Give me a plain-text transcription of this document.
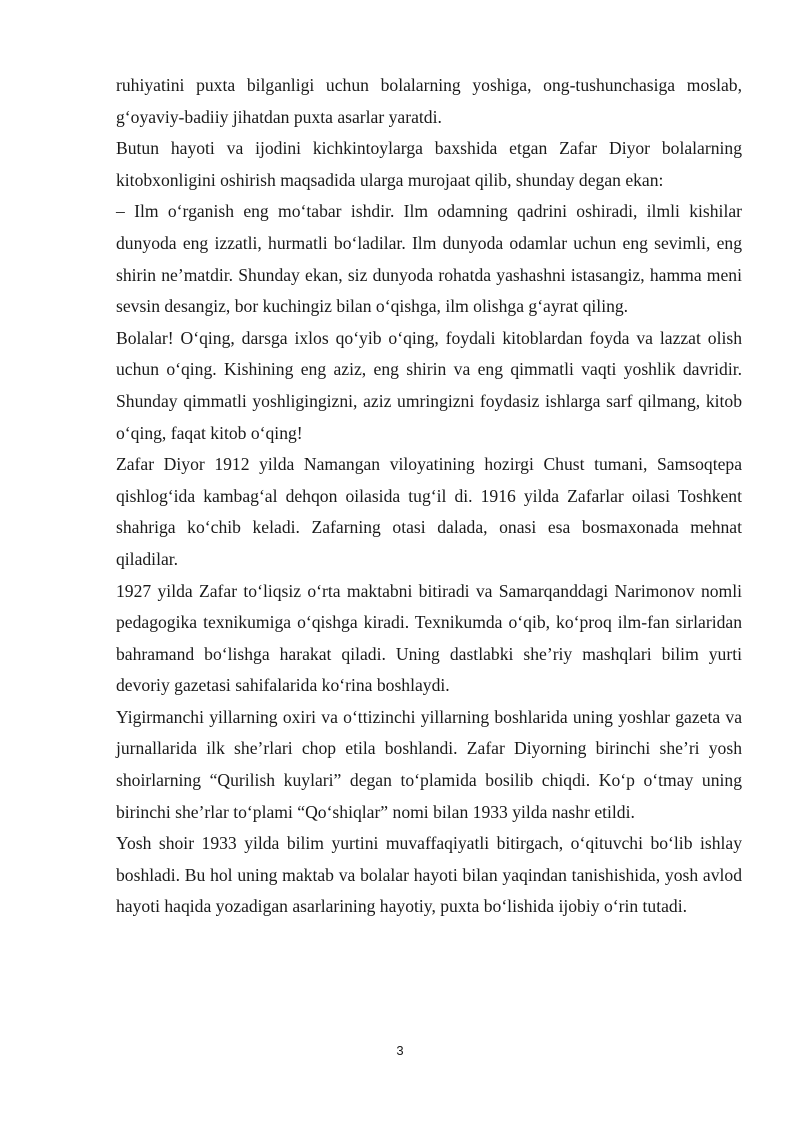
ruhiyatini puxta bilganligi uchun bolalarning yoshiga, ong-tushunchasiga moslab, g‘oyaviy-badiiy jihatdan puxta asarlar yaratdi.

Butun hayoti va ijodini kichkintoylarga baxshida etgan Zafar Diyor bolalarning kitobxonligini oshirish maqsadida ularga murojaat qilib, shunday degan ekan:

– Ilm o‘rganish eng mo‘tabar ishdir. Ilm odamning qadrini oshiradi, ilmli kishilar dunyoda eng izzatli, hurmatli bo‘ladilar. Ilm dunyoda odamlar uchun eng sevimli, eng shirin ne’matdir. Shunday ekan, siz dunyoda rohatda yashashni istasangiz, hamma meni sevsin desangiz, bor kuchingiz bilan o‘qishga, ilm olishga g‘ayrat qiling.

Bolalar! O‘qing, darsga ixlos qo‘yib o‘qing, foydali kitoblardan foyda va lazzat olish uchun o‘qing. Kishining eng aziz, eng shirin va eng qimmatli vaqti yoshlik davridir. Shunday qimmatli yoshligingizni, aziz umringizni foydasiz ishlarga sarf qilmang, kitob o‘qing, faqat kitob o‘qing!

Zafar Diyor 1912 yilda Namangan viloyatining hozirgi Chust tumani, Samsoqtepa qishlog‘ida kambag‘al dehqon oilasida tug‘il di. 1916 yilda Zafarlar oilasi Toshkent shahriga ko‘chib keladi. Zafarning otasi dalada, onasi esa bosmaxonada mehnat qiladilar.

1927 yilda Zafar to‘liqsiz o‘rta maktabni bitiradi va Samarqanddagi Narimonov nomli pedagogika texnikumiga o‘qishga kiradi. Texnikumda o‘qib, ko‘proq ilm-fan sirlaridan bahramand bo‘lishga harakat qiladi. Uning dastlabki she’riy mashqlari bilim yurti devoriy gazetasi sahifalarida ko‘rina boshlaydi.

Yigirmanchi yillarning oxiri va o‘ttizinchi yillarning boshlarida uning yoshlar gazeta va jurnallarida ilk she’rlari chop etila boshlandi. Zafar Diyorning birinchi she’ri yosh shoirlarning “Qurilish kuylari” degan to‘plamida bosilib chiqdi. Ko‘p o‘tmay uning birinchi she’rlar to‘plami “Qo‘shiqlar” nomi bilan 1933 yilda nashr etildi.

Yosh shoir 1933 yilda bilim yurtini muvaffaqiyatli bitirgach, o‘qituvchi bo‘lib ishlay boshladi. Bu hol uning maktab va bolalar hayoti bilan yaqindan tanishishida, yosh avlod hayoti haqida yozadigan asarlarining hayotiy, puxta bo‘lishida ijobiy o‘rin tutadi.

3
